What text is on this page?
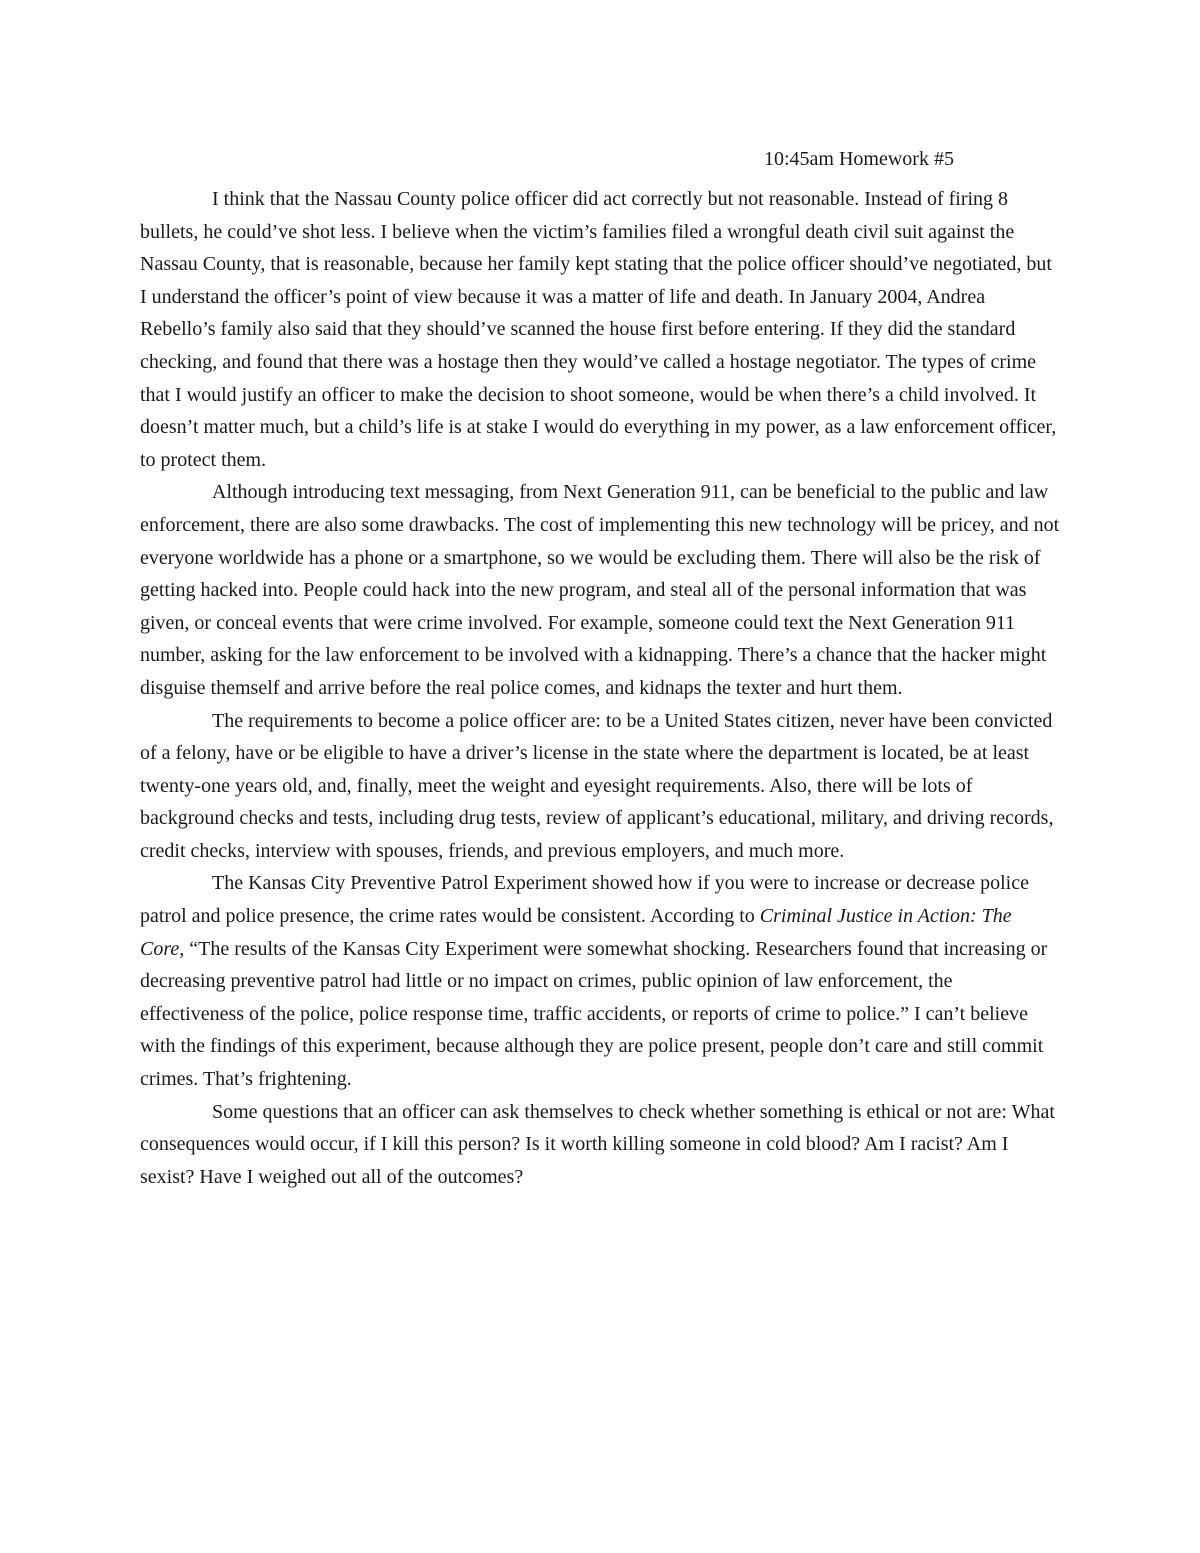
10:45am Homework #5

I think that the Nassau County police officer did act correctly but not reasonable. Instead of firing 8 bullets, he could’ve shot less. I believe when the victim’s families filed a wrongful death civil suit against the Nassau County, that is reasonable, because her family kept stating that the police officer should’ve negotiated, but I understand the officer’s point of view because it was a matter of life and death. In January 2004, Andrea Rebello’s family also said that they should’ve scanned the house first before entering. If they did the standard checking, and found that there was a hostage then they would’ve called a hostage negotiator. The types of crime that I would justify an officer to make the decision to shoot someone, would be when there’s a child involved. It doesn’t matter much, but a child’s life is at stake I would do everything in my power, as a law enforcement officer, to protect them.

Although introducing text messaging, from Next Generation 911, can be beneficial to the public and law enforcement, there are also some drawbacks. The cost of implementing this new technology will be pricey, and not everyone worldwide has a phone or a smartphone, so we would be excluding them. There will also be the risk of getting hacked into. People could hack into the new program, and steal all of the personal information that was given, or conceal events that were crime involved. For example, someone could text the Next Generation 911 number, asking for the law enforcement to be involved with a kidnapping. There’s a chance that the hacker might disguise themself and arrive before the real police comes, and kidnaps the texter and hurt them.

The requirements to become a police officer are: to be a United States citizen, never have been convicted of a felony, have or be eligible to have a driver’s license in the state where the department is located, be at least twenty-one years old, and, finally, meet the weight and eyesight requirements. Also, there will be lots of background checks and tests, including drug tests, review of applicant’s educational, military, and driving records, credit checks, interview with spouses, friends, and previous employers, and much more.

The Kansas City Preventive Patrol Experiment showed how if you were to increase or decrease police patrol and police presence, the crime rates would be consistent. According to Criminal Justice in Action: The Core, “The results of the Kansas City Experiment were somewhat shocking. Researchers found that increasing or decreasing preventive patrol had little or no impact on crimes, public opinion of law enforcement, the effectiveness of the police, police response time, traffic accidents, or reports of crime to police.” I can’t believe with the findings of this experiment, because although they are police present, people don’t care and still commit crimes. That’s frightening.

Some questions that an officer can ask themselves to check whether something is ethical or not are: What consequences would occur, if I kill this person? Is it worth killing someone in cold blood? Am I racist? Am I sexist? Have I weighed out all of the outcomes?
